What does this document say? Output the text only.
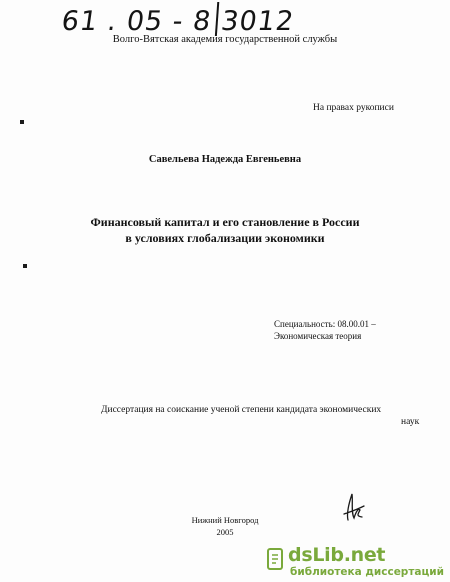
61 . 05 - 8 3012
Волго-Вятская академия государственной службы
На правах рукописи
Савельева Надежда Евгеньевна
Финансовый капитал и его становление в России
в условиях глобализации экономики
Специальность: 08.00.01 –
Экономическая теория
Диссертация на соискание ученой степени кандидата экономических
наук
Нижний Новгород
2005
dsLib.net
библиотека диссертаций
